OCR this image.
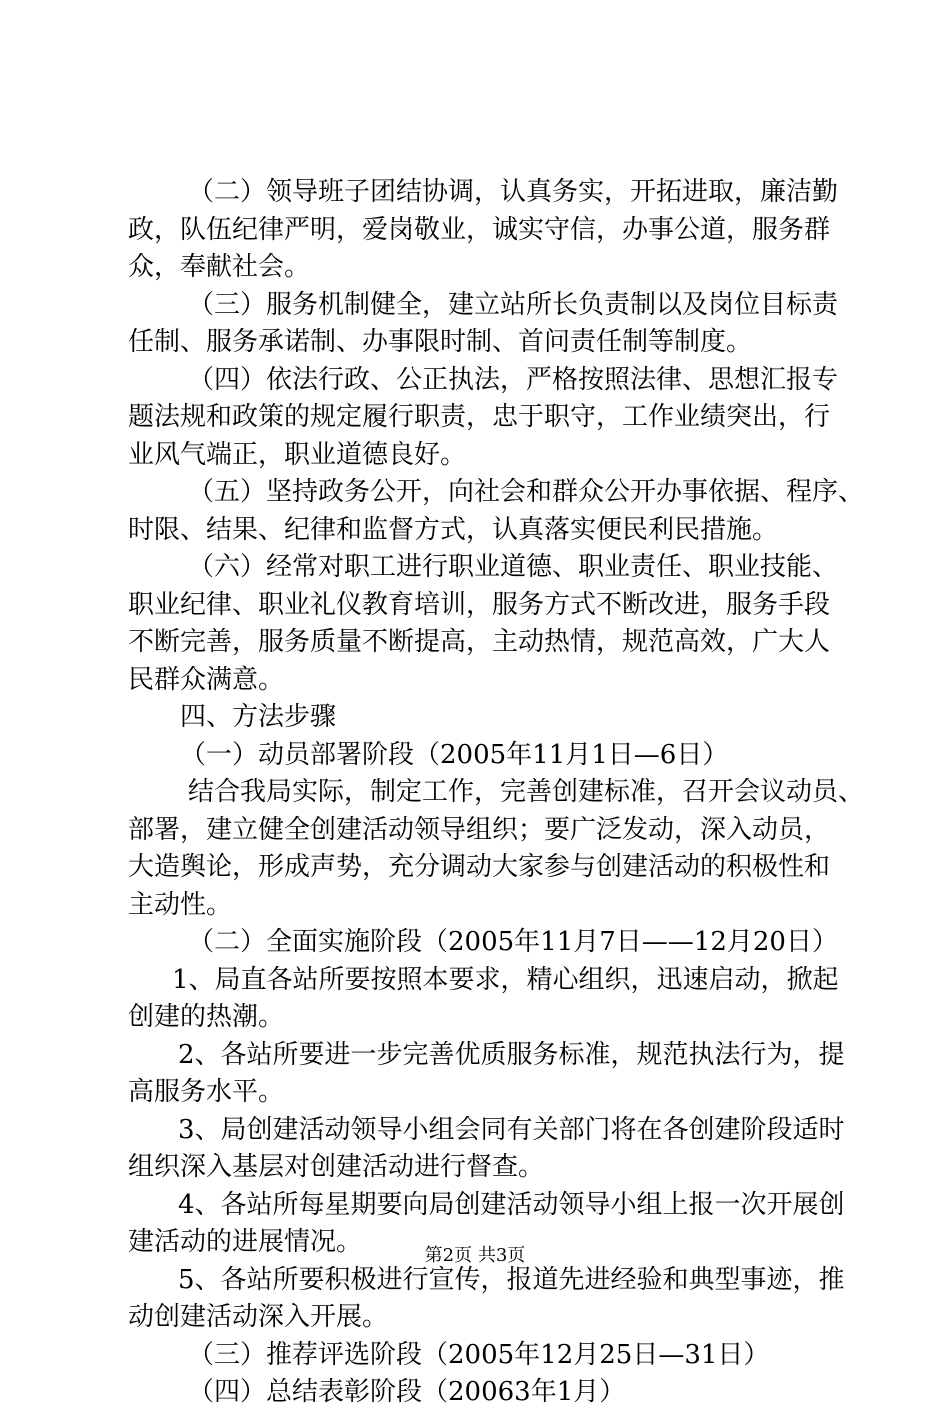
（二）领导班子团结协调，认真务实，开拓进取，廉洁勤
政，队伍纪律严明，爱岗敬业，诚实守信，办事公道，服务群
众，奉献社会。
（三）服务机制健全，建立站所长负责制以及岗位目标责
任制、服务承诺制、办事限时制、首问责任制等制度。
（四）依法行政、公正执法，严格按照法律、思想汇报专
题法规和政策的规定履行职责，忠于职守，工作业绩突出，行
业风气端正，职业道德良好。
（五）坚持政务公开，向社会和群众公开办事依据、程序、
时限、结果、纪律和监督方式，认真落实便民利民措施。
（六）经常对职工进行职业道德、职业责任、职业技能、
职业纪律、职业礼仪教育培训，服务方式不断改进，服务手段
不断完善，服务质量不断提高，主动热情，规范高效，广大人
民群众满意。
四、方法步骤
（一）动员部署阶段（2005年11月1日—6日）
结合我局实际，制定工作，完善创建标准，召开会议动员、
部署，建立健全创建活动领导组织；要广泛发动，深入动员，
大造舆论，形成声势，充分调动大家参与创建活动的积极性和
主动性。
（二）全面实施阶段（2005年11月7日——12月20日）
1、局直各站所要按照本要求，精心组织，迅速启动，掀起
创建的热潮。
2、各站所要进一步完善优质服务标准，规范执法行为，提
高服务水平。
3、局创建活动领导小组会同有关部门将在各创建阶段适时
组织深入基层对创建活动进行督查。
4、各站所每星期要向局创建活动领导小组上报一次开展创
建活动的进展情况。
5、各站所要积极进行宣传，报道先进经验和典型事迹，推
动创建活动深入开展。
（三）推荐评选阶段（2005年12月25日—31日）
（四）总结表彰阶段（20063年1月）
第2页 共3页
